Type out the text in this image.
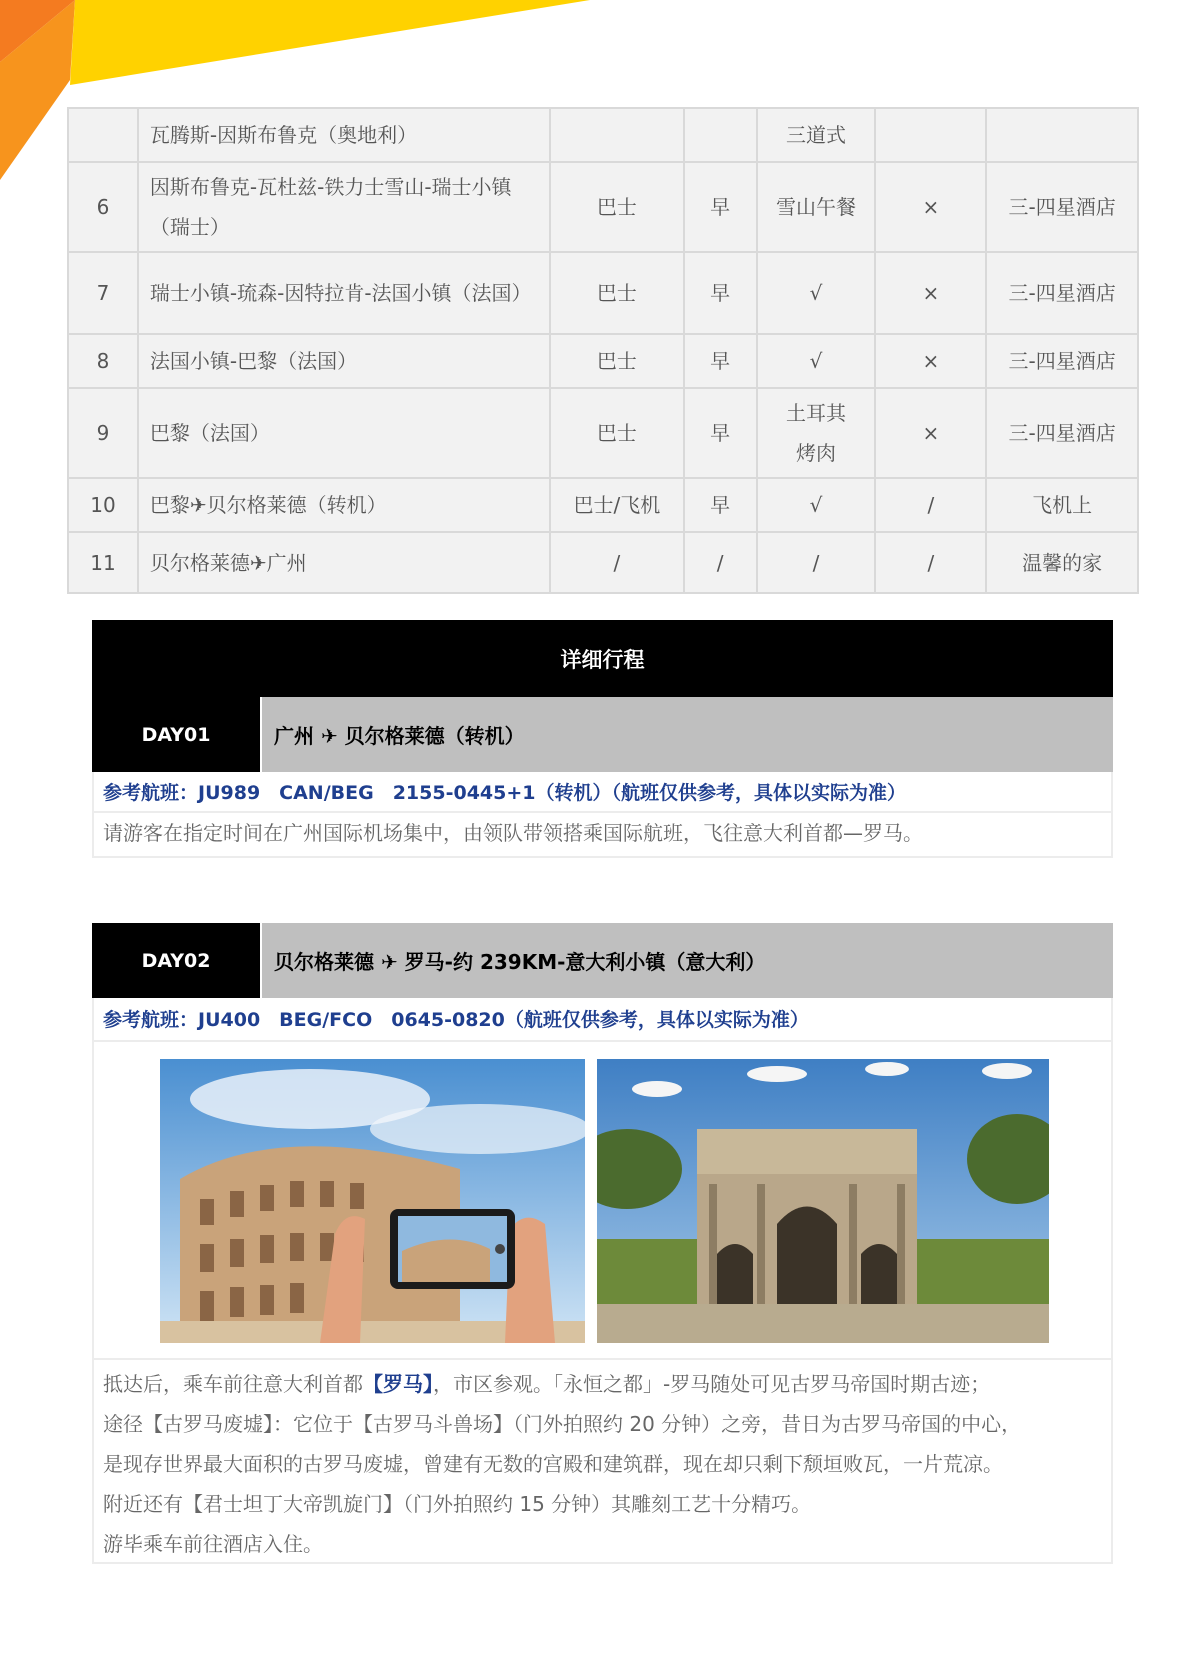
	瓦腾斯-因斯布鲁克（奥地利）			三道式		
6	因斯布鲁克-瓦杜兹-铁力士雪山-瑞士小镇（瑞士）	巴士	早	雪山午餐	×	三-四星酒店
7	瑞士小镇-琉森-因特拉肯-法国小镇（法国）	巴士	早	√	×	三-四星酒店
8	法国小镇-巴黎（法国）	巴士	早	√	×	三-四星酒店
9	巴黎（法国）	巴士	早	土耳其烤肉	×	三-四星酒店
10	巴黎✈贝尔格莱德（转机）	巴士/飞机	早	√	/	飞机上
11	贝尔格莱德✈广州	/	/	/	/	温馨的家
详细行程
DAY01	广州 ✈ 贝尔格莱德（转机）
参考航班：JU989　CAN/BEG　2155-0445+1（转机）（航班仅供参考，具体以实际为准）
请游客在指定时间在广州国际机场集中，由领队带领搭乘国际航班，飞往意大利首都—罗马。
DAY02	贝尔格莱德 ✈ 罗马-约 239KM-意大利小镇（意大利）
参考航班：JU400　BEG/FCO　0645-0820（航班仅供参考，具体以实际为准）
抵达后，乘车前往意大利首都【罗马】，市区参观。「永恒之都」-罗马随处可见古罗马帝国时期古迹；
途径【古罗马废墟】：它位于【古罗马斗兽场】（门外拍照约 20 分钟）之旁，昔日为古罗马帝国的中心，
是现存世界最大面积的古罗马废墟，曾建有无数的宫殿和建筑群，现在却只剩下颓垣败瓦，一片荒凉。
附近还有【君士坦丁大帝凯旋门】（门外拍照约 15 分钟）其雕刻工艺十分精巧。
游毕乘车前往酒店入住。
